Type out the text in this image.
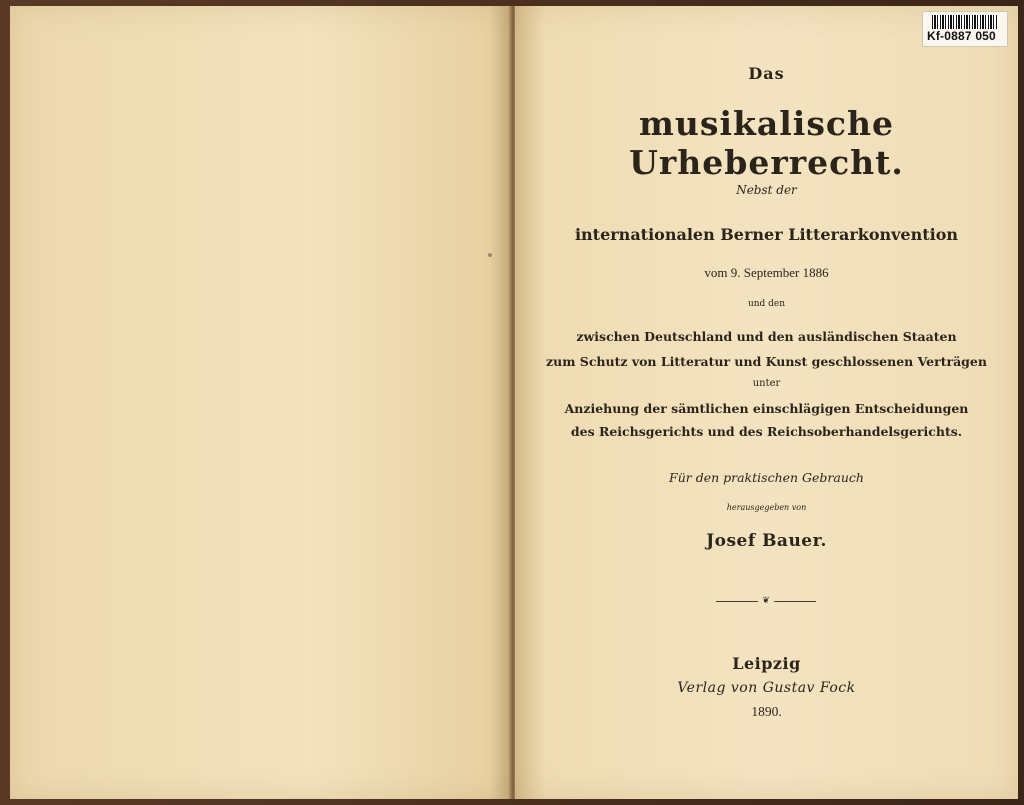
Kf-0887 050
Das
musikalische Urheberrecht.
Nebst der
internationalen Berner Litterarkonvention
vom 9. September 1886
und den
zwischen Deutschland und den ausländischen Staaten
zum Schutz von Litteratur und Kunst geschlossenen Verträgen
unter
Anziehung der sämtlichen einschlägigen Entscheidungen
des Reichsgerichts und des Reichsoberhandelsgerichts.
Für den praktischen Gebrauch
herausgegeben von
Josef Bauer.
❦
Leipzig
Verlag von Gustav Fock
1890.
